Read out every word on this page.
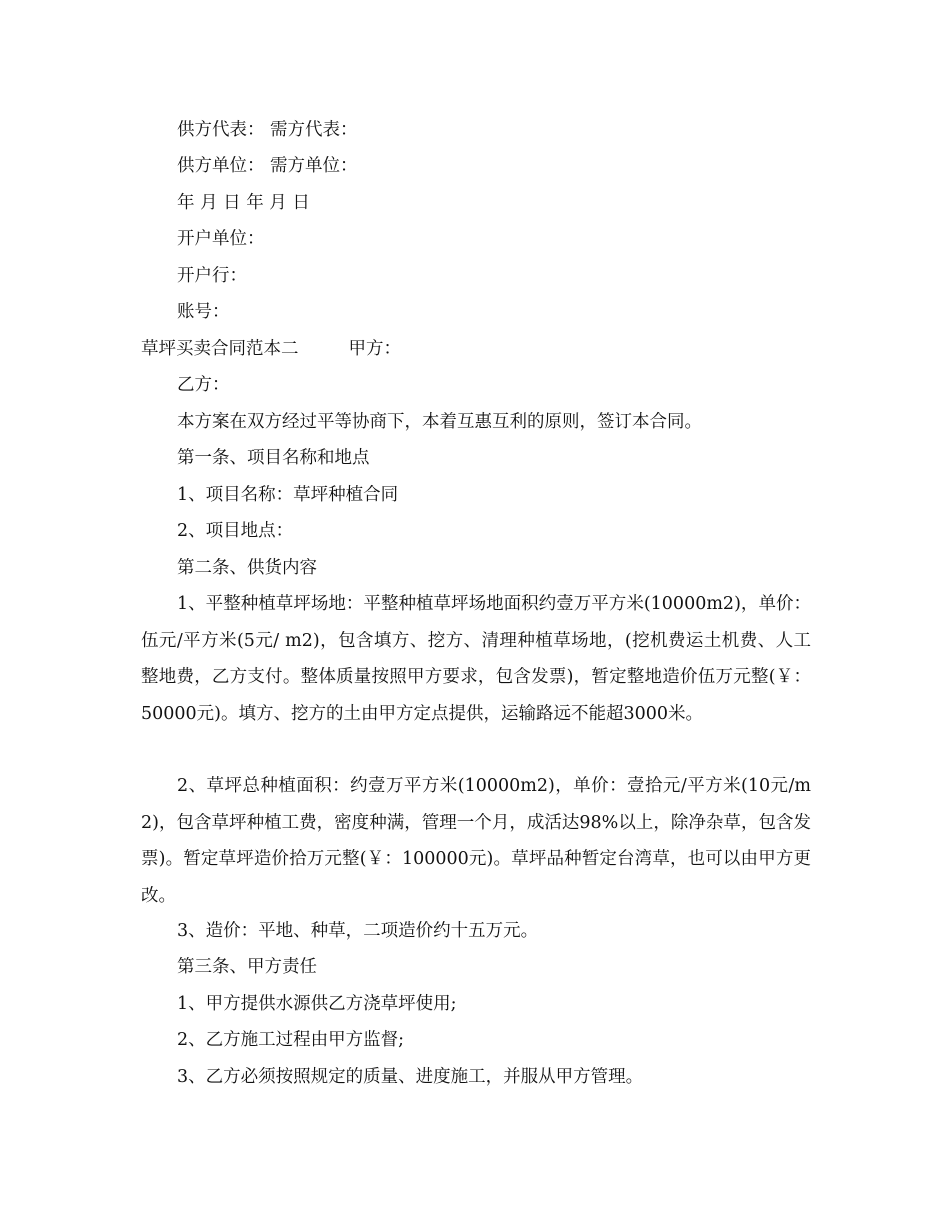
供方代表： 需方代表：
供方单位： 需方单位：
年 月 日 年 月 日
开户单位：
开户行：
账号：
草坪买卖合同范本二	甲方：
乙方：
本方案在双方经过平等协商下，本着互惠互利的原则，签订本合同。
第一条、项目名称和地点
1、项目名称：草坪种植合同
2、项目地点：
第二条、供货内容
1、平整种植草坪场地：平整种植草坪场地面积约壹万平方米(10000m2)，单价：伍元/平方米(5元/ m2)，包含填方、挖方、清理种植草场地，(挖机费运土机费、人工整地费，乙方支付。整体质量按照甲方要求，包含发票)，暂定整地造价伍万元整(￥：50000元)。填方、挖方的土由甲方定点提供，运输路远不能超3000米。
2、草坪总种植面积：约壹万平方米(10000m2)，单价：壹拾元/平方米(10元/m2)，包含草坪种植工费，密度种满，管理一个月，成活达98%以上，除净杂草，包含发票)。暂定草坪造价拾万元整(￥：100000元)。草坪品种暂定台湾草，也可以由甲方更改。
3、造价：平地、种草，二项造价约十五万元。
第三条、甲方责任
1、甲方提供水源供乙方浇草坪使用;
2、乙方施工过程由甲方监督;
3、乙方必须按照规定的质量、进度施工，并服从甲方管理。
